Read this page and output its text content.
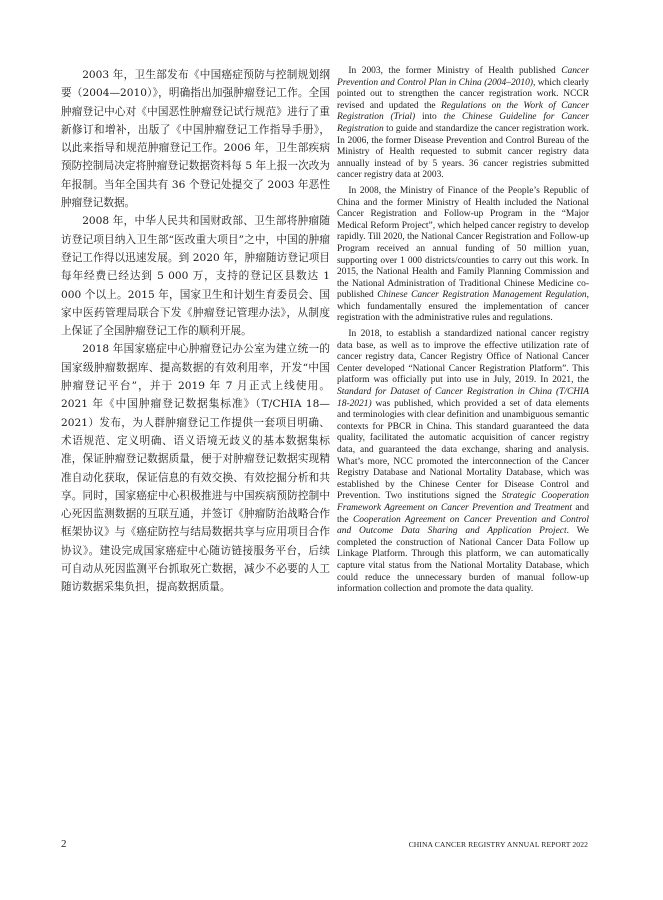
2003 年，卫生部发布《中国癌症预防与控制规划纲要（2004—2010）》，明确指出加强肿瘤登记工作。全国肿瘤登记中心对《中国恶性肿瘤登记试行规范》进行了重新修订和增补，出版了《中国肿瘤登记工作指导手册》，以此来指导和规范肿瘤登记工作。2006 年，卫生部疾病预防控制局决定将肿瘤登记数据资料每 5 年上报一次改为年报制。当年全国共有 36 个登记处提交了 2003 年恶性肿瘤登记数据。

2008 年，中华人民共和国财政部、卫生部将肿瘤随访登记项目纳入卫生部“医改重大项目”之中，中国的肿瘤登记工作得以迅速发展。到 2020 年，肿瘤随访登记项目每年经费已经达到 5 000 万，支持的登记区县数达 1 000 个以上。2015 年，国家卫生和计划生育委员会、国家中医药管理局联合下发《肿瘤登记管理办法》，从制度上保证了全国肿瘤登记工作的顺利开展。

2018 年国家癌症中心肿瘤登记办公室为建立统一的国家级肿瘤数据库、提高数据的有效利用率，开发“中国肿瘤登记平台”，并于 2019 年 7 月正式上线使用。2021 年《中国肿瘤登记数据集标准》（T/CHIA 18—2021）发布，为人群肿瘤登记工作提供一套项目明确、术语规范、定义明确、语义语境无歧义的基本数据集标准，保证肿瘤登记数据质量，便于对肿瘤登记数据实现精准自动化获取，保证信息的有效交换、有效挖掘分析和共享。同时，国家癌症中心积极推进与中国疾病预防控制中心死因监测数据的互联互通，并签订《肿瘤防治战略合作框架协议》与《癌症防控与结局数据共享与应用项目合作协议》。建设完成国家癌症中心随访链接服务平台，后续可自动从死因监测平台抓取死亡数据，减少不必要的人工随访数据采集负担，提高数据质量。

In 2003, the former Ministry of Health published Cancer Prevention and Control Plan in China (2004–2010), which clearly pointed out to strengthen the cancer registration work. NCCR revised and updated the Regulations on the Work of Cancer Registration (Trial) into the Chinese Guideline for Cancer Registration to guide and standardize the cancer registration work. In 2006, the former Disease Prevention and Control Bureau of the Ministry of Health requested to submit cancer registry data annually instead of by 5 years. 36 cancer registries submitted cancer registry data at 2003.

In 2008, the Ministry of Finance of the People’s Republic of China and the former Ministry of Health included the National Cancer Registration and Follow-up Program in the “Major Medical Reform Project”, which helped cancer registry to develop rapidly. Till 2020, the National Cancer Registration and Follow-up Program received an annual funding of 50 million yuan, supporting over 1 000 districts/counties to carry out this work. In 2015, the National Health and Family Planning Commission and the National Administration of Traditional Chinese Medicine co-published Chinese Cancer Registration Management Regulation, which fundamentally ensured the implementation of cancer registration with the administrative rules and regulations.

In 2018, to establish a standardized national cancer registry data base, as well as to improve the effective utilization rate of cancer registry data, Cancer Registry Office of National Cancer Center developed “National Cancer Registration Platform”. This platform was officially put into use in July, 2019. In 2021, the Standard for Dataset of Cancer Registration in China (T/CHIA 18-2021) was published, which provided a set of data elements and terminologies with clear definition and unambiguous semantic contexts for PBCR in China. This standard guaranteed the data quality, facilitated the automatic acquisition of cancer registry data, and guaranteed the data exchange, sharing and analysis. What’s more, NCC promoted the interconnection of the Cancer Registry Database and National Mortality Database, which was established by the Chinese Center for Disease Control and Prevention. Two institutions signed the Strategic Cooperation Framework Agreement on Cancer Prevention and Treatment and the Cooperation Agreement on Cancer Prevention and Control and Outcome Data Sharing and Application Project. We completed the construction of National Cancer Data Follow up Linkage Platform. Through this platform, we can automatically capture vital status from the National Mortality Database, which could reduce the unnecessary burden of manual follow-up information collection and promote the data quality.

2	CHINA CANCER REGISTRY ANNUAL REPORT 2022
